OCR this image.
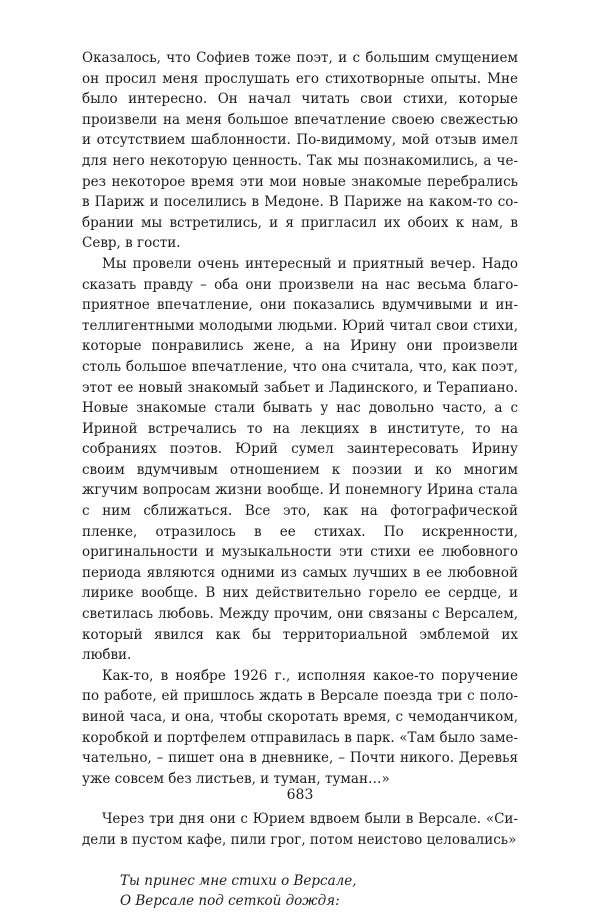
Оказалось, что Софиев тоже поэт, и с большим смущением он просил меня прослушать его стихотворные опыты. Мне было интересно. Он начал читать свои стихи, которые произвели на меня большое впечатление своею свежестью и отсутствием шаблонности. По-видимому, мой отзыв имел для него некоторую ценность. Так мы познакомились, а через некоторое время эти мои новые знакомые перебрались в Париж и поселились в Медоне. В Париже на каком-то собрании мы встретились, и я пригласил их обоих к нам, в Севр, в гости.

Мы провели очень интересный и приятный вечер. Надо сказать правду – оба они произвели на нас весьма благоприятное впечатление, они показались вдумчивыми и интеллигентными молодыми людьми. Юрий читал свои стихи, которые понравились жене, а на Ирину они произвели столь большое впечатление, что она считала, что, как поэт, этот ее новый знакомый забьет и Ладинского, и Терапиано. Новые знакомые стали бывать у нас довольно часто, а с Ириной встречались то на лекциях в институте, то на собраниях поэтов. Юрий сумел заинтересовать Ирину своим вдумчивым отношением к поэзии и ко многим жгучим вопросам жизни вообще. И понемногу Ирина стала с ним сближаться. Все это, как на фотографической пленке, отразилось в ее стихах. По искренности, оригинальности и музыкальности эти стихи ее любовного периода являются одними из самых лучших в ее любовной лирике вообще. В них действительно горело ее сердце, и светилась любовь. Между прочим, они связаны с Версалем, который явился как бы территориальной эмблемой их любви.

Как-то, в ноябре 1926 г., исполняя какое-то поручение по работе, ей пришлось ждать в Версале поезда три с половиной часа, и она, чтобы скоротать время, с чемоданчиком, коробкой и портфелем отправилась в парк. «Там было замечательно, – пишет она в дневнике, – Почти никого. Деревья уже совсем без листьев, и туман, туман…»

Через три дня они с Юрием вдвоем были в Версале. «Сидели в пустом кафе, пили грог, потом неистово целовались»

Ты принес мне стихи о Версале,
О Версале под сеткой дождя:
683
